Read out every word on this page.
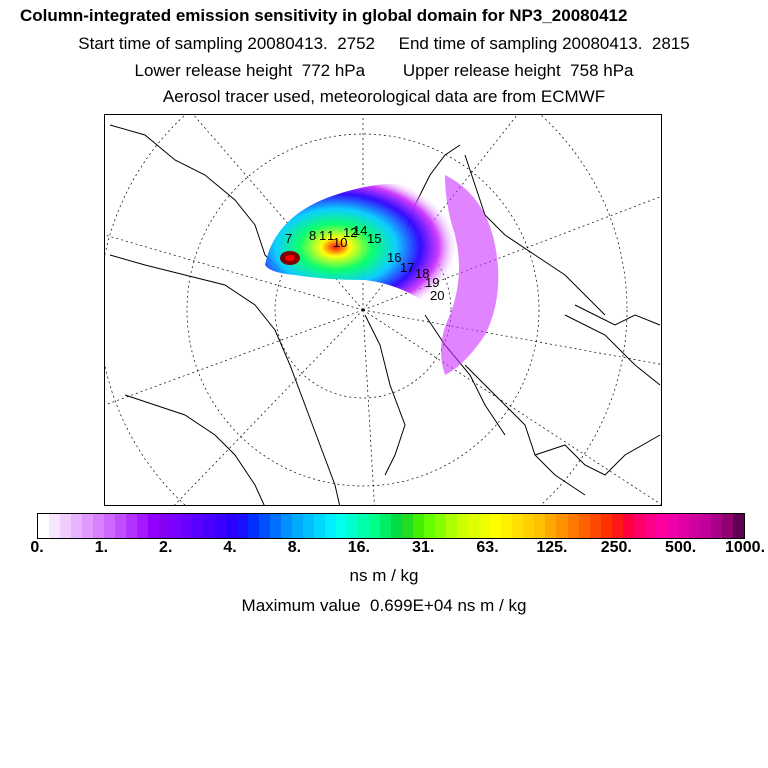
Column-integrated emission sensitivity in global domain for NP3_20080412
Start time of sampling 20080413.  2752     End time of sampling 20080413.  2815
Lower release height  772 hPa        Upper release height  758 hPa
Aerosol tracer used, meteorological data are from ECMWF
7 8 1 1
10
12
14
15
16
17 18
19
20
0.	1.	2.	4.	8.	16.	31.	63. 125. 250. 500. 1000.
ns m / kg
Maximum value  0.699E+04 ns m / kg
